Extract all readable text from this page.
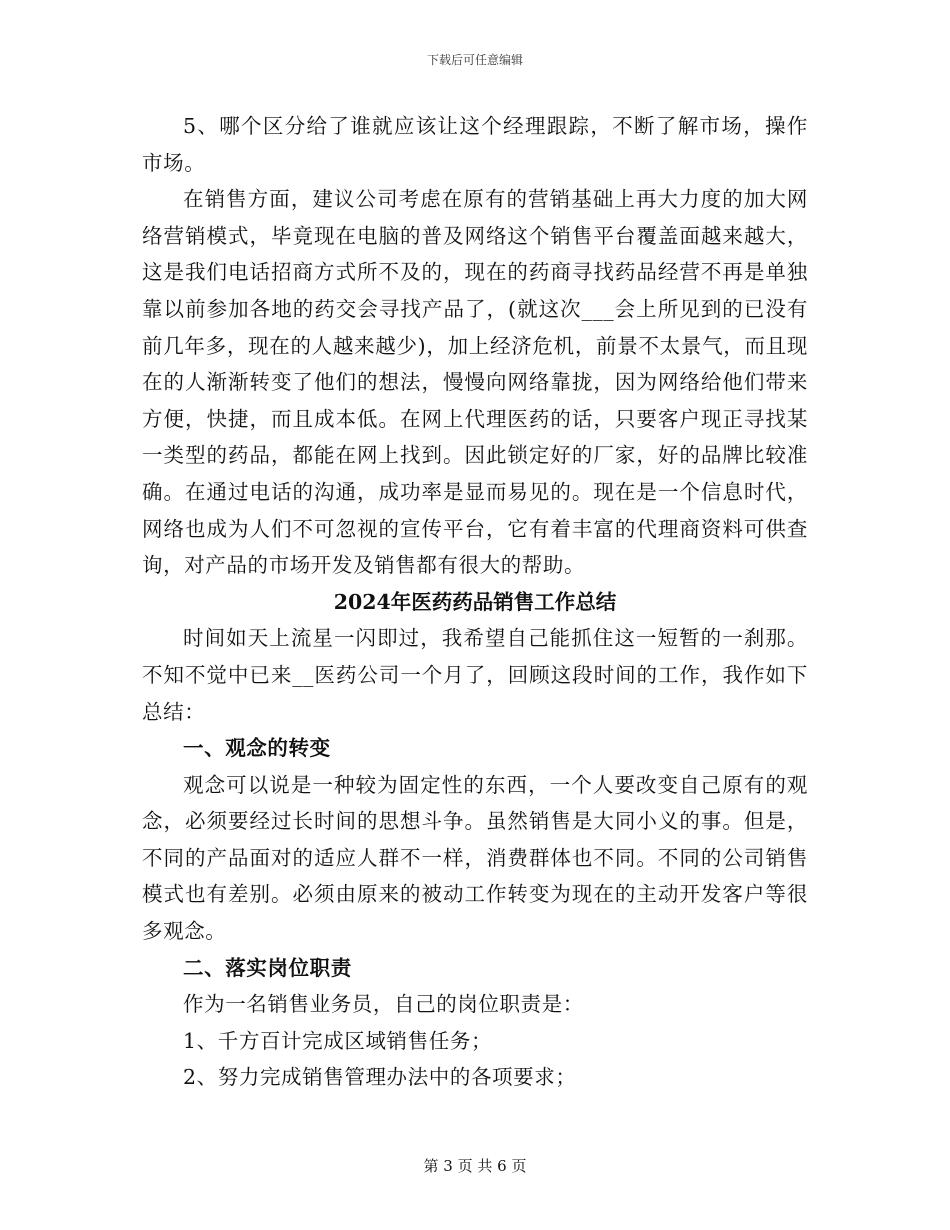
下载后可任意编辑

5、哪个区分给了谁就应该让这个经理跟踪，不断了解市场，操作市场。

在销售方面，建议公司考虑在原有的营销基础上再大力度的加大网络营销模式，毕竟现在电脑的普及网络这个销售平台覆盖面越来越大，这是我们电话招商方式所不及的，现在的药商寻找药品经营不再是单独靠以前参加各地的药交会寻找产品了，(就这次___会上所见到的已没有前几年多，现在的人越来越少)，加上经济危机，前景不太景气，而且现在的人渐渐转变了他们的想法，慢慢向网络靠拢，因为网络给他们带来方便，快捷，而且成本低。在网上代理医药的话，只要客户现正寻找某一类型的药品，都能在网上找到。因此锁定好的厂家，好的品牌比较准确。在通过电话的沟通，成功率是显而易见的。现在是一个信息时代，网络也成为人们不可忽视的宣传平台，它有着丰富的代理商资料可供查询，对产品的市场开发及销售都有很大的帮助。

2024年医药药品销售工作总结

时间如天上流星一闪即过，我希望自己能抓住这一短暂的一刹那。不知不觉中已来__医药公司一个月了，回顾这段时间的工作，我作如下总结：

一、观念的转变

观念可以说是一种较为固定性的东西，一个人要改变自己原有的观念，必须要经过长时间的思想斗争。虽然销售是大同小义的事。但是，不同的产品面对的适应人群不一样，消费群体也不同。不同的公司销售模式也有差别。必须由原来的被动工作转变为现在的主动开发客户等很多观念。

二、落实岗位职责

作为一名销售业务员，自己的岗位职责是：

1、千方百计完成区域销售任务；

2、努力完成销售管理办法中的各项要求；

第 3 页 共 6 页
